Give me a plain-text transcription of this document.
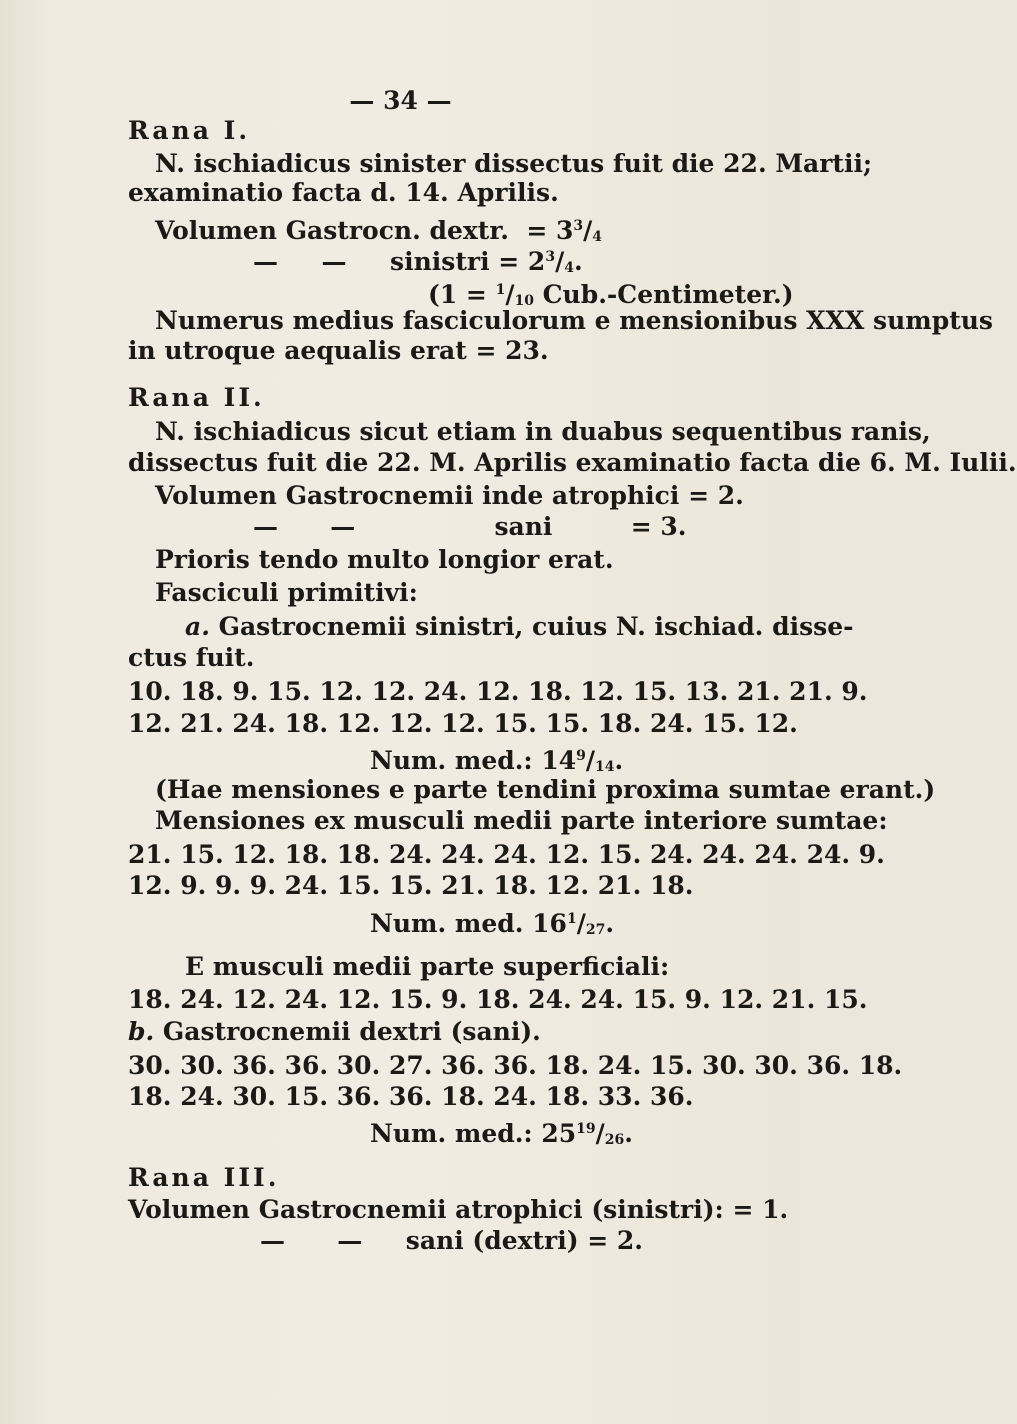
— 34 —
Rana I.
N. ischiadicus sinister dissectus fuit die 22. Martii;
examinatio facta d. 14. Aprilis.
Volumen Gastrocn. dextr.  = $3^3/_4$
—     —     sinistri = $2^3/_4$.
($1 = ^1/_{10}$ Cub.-Centimeter.)
Numerus medius fasciculorum e mensionibus XXX sumptus
in utroque aequalis erat = 23.
Rana II.
N. ischiadicus sicut etiam in duabus sequentibus ranis,
dissectus fuit die 22. M. Aprilis examinatio facta die 6. M. Iulii.
Volumen Gastrocnemii inde atrophici = 2.
—      —                sani         = 3.
Prioris tendo multo longior erat.
Fasciculi primitivi:
a. Gastrocnemii sinistri, cuius N. ischiad. disse-
ctus fuit.
10. 18. 9. 15. 12. 12. 24. 12. 18. 12. 15. 13. 21. 21. 9.
12. 21. 24. 18. 12. 12. 12. 15. 15. 18. 24. 15. 12.
Num. med.: $14^9/_{14}$.
(Hae mensiones e parte tendini proxima sumtae erant.)
Mensiones ex musculi medii parte interiore sumtae:
21. 15. 12. 18. 18. 24. 24. 24. 12. 15. 24. 24. 24. 24. 9.
12. 9. 9. 9. 24. 15. 15. 21. 18. 12. 21. 18.
Num. med. $16^1/_{27}$.
E musculi medii parte superficiali:
18. 24. 12. 24. 12. 15. 9. 18. 24. 24. 15. 9. 12. 21. 15.
b. Gastrocnemii dextri (sani).
30. 30. 36. 36. 30. 27. 36. 36. 18. 24. 15. 30. 30. 36. 18.
18. 24. 30. 15. 36. 36. 18. 24. 18. 33. 36.
Num. med.: $25^{19}/_{26}$.
Rana III.
Volumen Gastrocnemii atrophici (sinistri): = 1.
—      —     sani (dextri) = 2.
